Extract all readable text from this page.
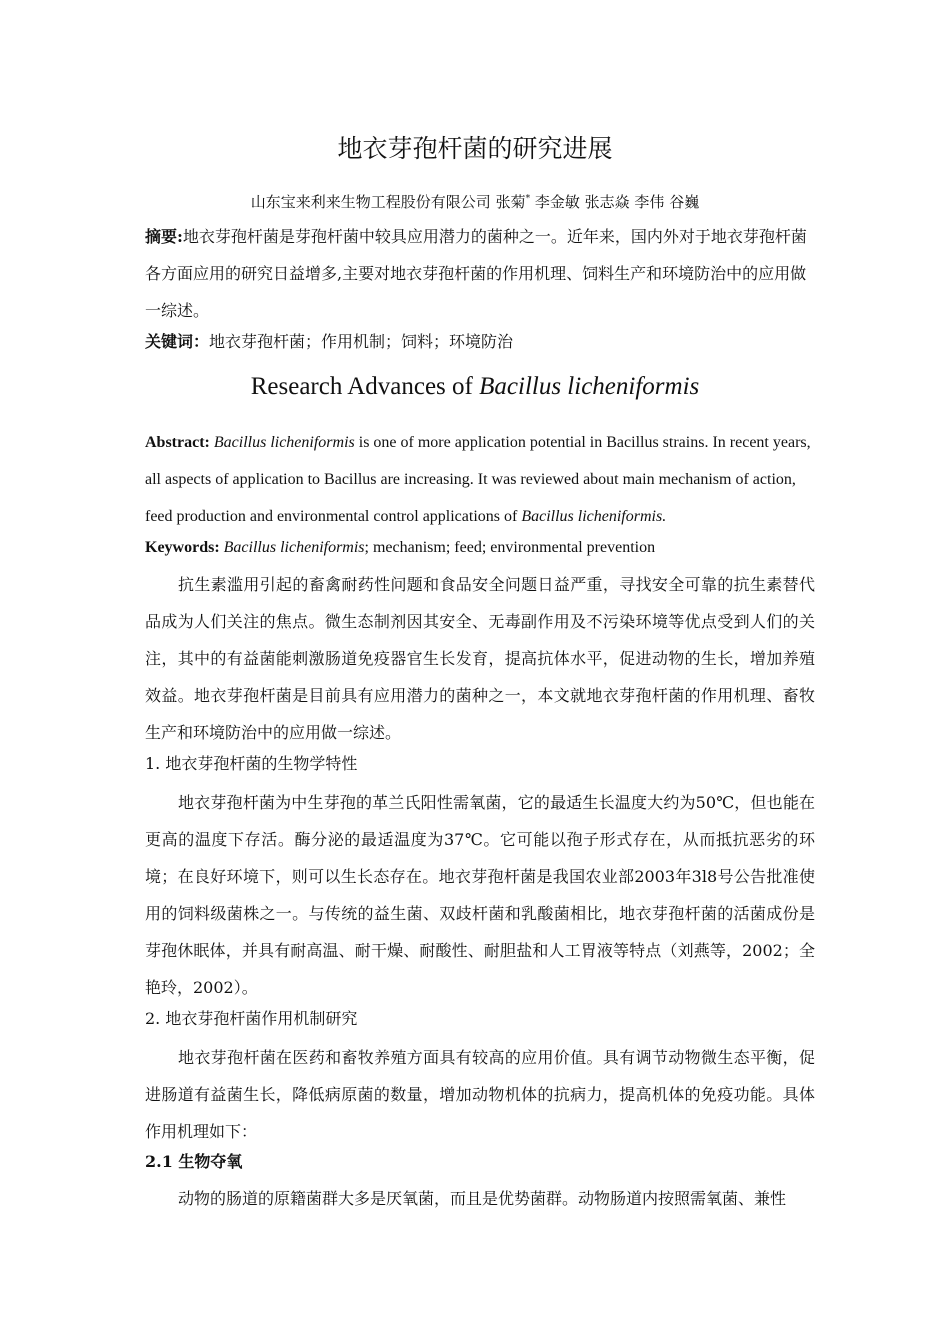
地衣芽孢杆菌的研究进展
山东宝来利来生物工程股份有限公司 张菊* 李金敏 张志焱 李伟 谷巍
摘要:地衣芽孢杆菌是芽孢杆菌中较具应用潜力的菌种之一。近年来，国内外对于地衣芽孢杆菌各方面应用的研究日益增多,主要对地衣芽孢杆菌的作用机理、饲料生产和环境防治中的应用做一综述。
关键词：地衣芽孢杆菌；作用机制；饲料；环境防治
Research Advances of Bacillus licheniformis
Abstract: Bacillus licheniformis is one of more application potential in Bacillus strains. In recent years, all aspects of application to Bacillus are increasing. It was reviewed about main mechanism of action, feed production and environmental control applications of Bacillus licheniformis.
Keywords: Bacillus licheniformis; mechanism; feed; environmental prevention
抗生素滥用引起的畜禽耐药性问题和食品安全问题日益严重，寻找安全可靠的抗生素替代品成为人们关注的焦点。微生态制剂因其安全、无毒副作用及不污染环境等优点受到人们的关注，其中的有益菌能刺激肠道免疫器官生长发育，提高抗体水平，促进动物的生长，增加养殖效益。地衣芽孢杆菌是目前具有应用潜力的菌种之一，本文就地衣芽孢杆菌的作用机理、畜牧生产和环境防治中的应用做一综述。
1. 地衣芽孢杆菌的生物学特性
地衣芽孢杆菌为中生芽孢的革兰氏阳性需氧菌，它的最适生长温度大约为50℃，但也能在更高的温度下存活。酶分泌的最适温度为37℃。它可能以孢子形式存在，从而抵抗恶劣的环境；在良好环境下，则可以生长态存在。地衣芽孢杆菌是我国农业部2003年3l8号公告批准使用的饲料级菌株之一。与传统的益生菌、双歧杆菌和乳酸菌相比，地衣芽孢杆菌的活菌成份是芽孢休眠体，并具有耐高温、耐干燥、耐酸性、耐胆盐和人工胃液等特点（刘燕等，2002；全艳玲，2002）。
2. 地衣芽孢杆菌作用机制研究
地衣芽孢杆菌在医药和畜牧养殖方面具有较高的应用价值。具有调节动物微生态平衡，促进肠道有益菌生长，降低病原菌的数量，增加动物机体的抗病力，提高机体的免疫功能。具体作用机理如下：
2.1 生物夺氧
动物的肠道的原籍菌群大多是厌氧菌，而且是优势菌群。动物肠道内按照需氧菌、兼性
